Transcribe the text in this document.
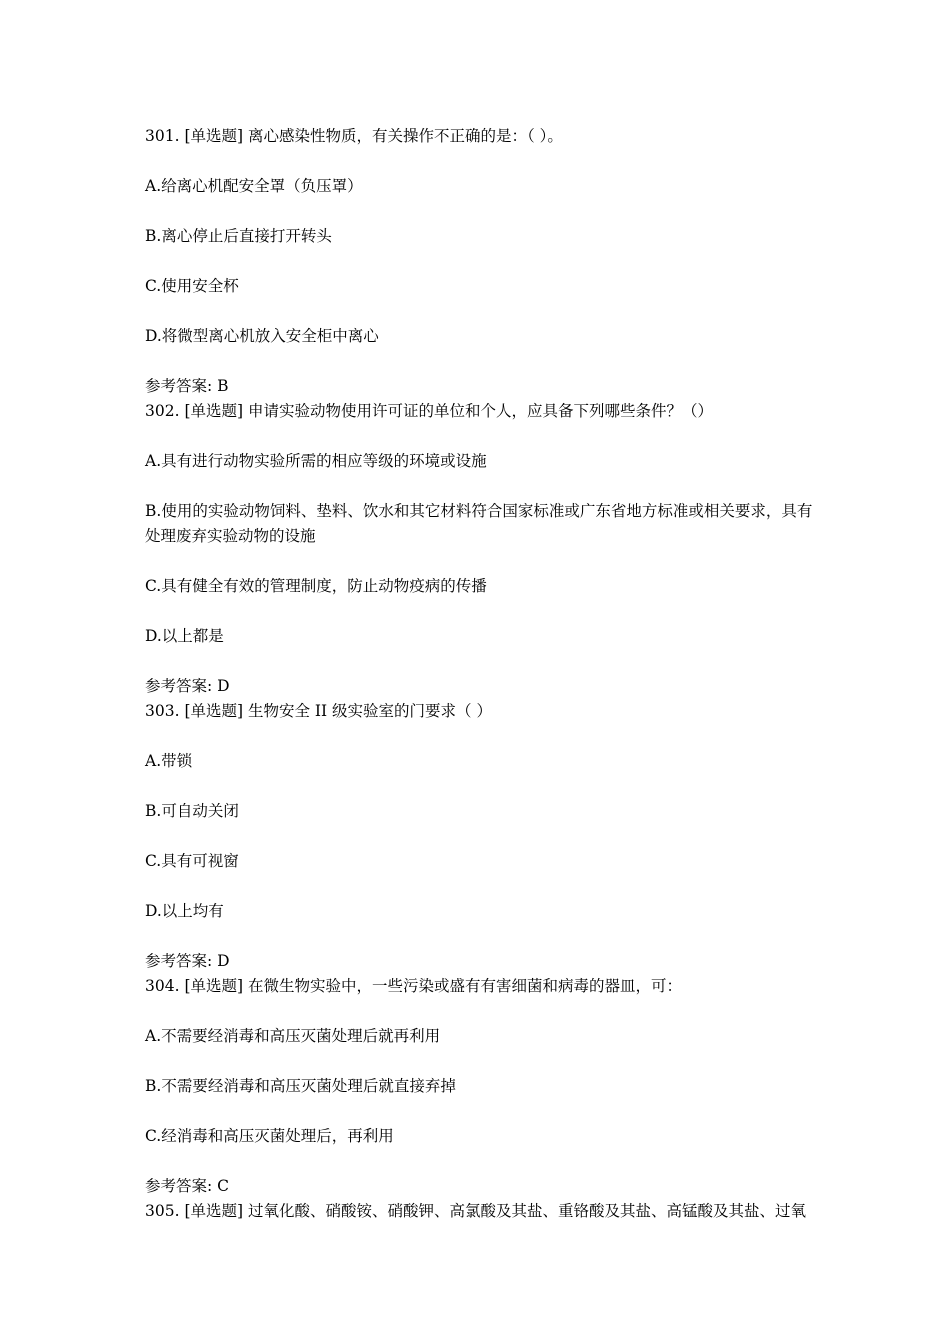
301. [单选题] 离心感染性物质，有关操作不正确的是：（ ）。

A.给离心机配安全罩（负压罩）

B.离心停止后直接打开转头

C.使用安全杯

D.将微型离心机放入安全柜中离心

参考答案: B

302. [单选题] 申请实验动物使用许可证的单位和个人，应具备下列哪些条件？（）

A.具有进行动物实验所需的相应等级的环境或设施

B.使用的实验动物饲料、垫料、饮水和其它材料符合国家标准或广东省地方标准或相关要求，具有 处理废弃实验动物的设施

C.具有健全有效的管理制度，防止动物疫病的传播

D.以上都是

参考答案: D

303. [单选题] 生物安全 II 级实验室的门要求（ ）

A.带锁

B.可自动关闭

C.具有可视窗

D.以上均有

参考答案: D

304. [单选题] 在微生物实验中，一些污染或盛有有害细菌和病毒的器皿，可：

A.不需要经消毒和高压灭菌处理后就再利用

B.不需要经消毒和高压灭菌处理后就直接弃掉

C.经消毒和高压灭菌处理后，再利用

参考答案: C

305. [单选题] 过氧化酸、硝酸铵、硝酸钾、高氯酸及其盐、重铬酸及其盐、高锰酸及其盐、过氧
